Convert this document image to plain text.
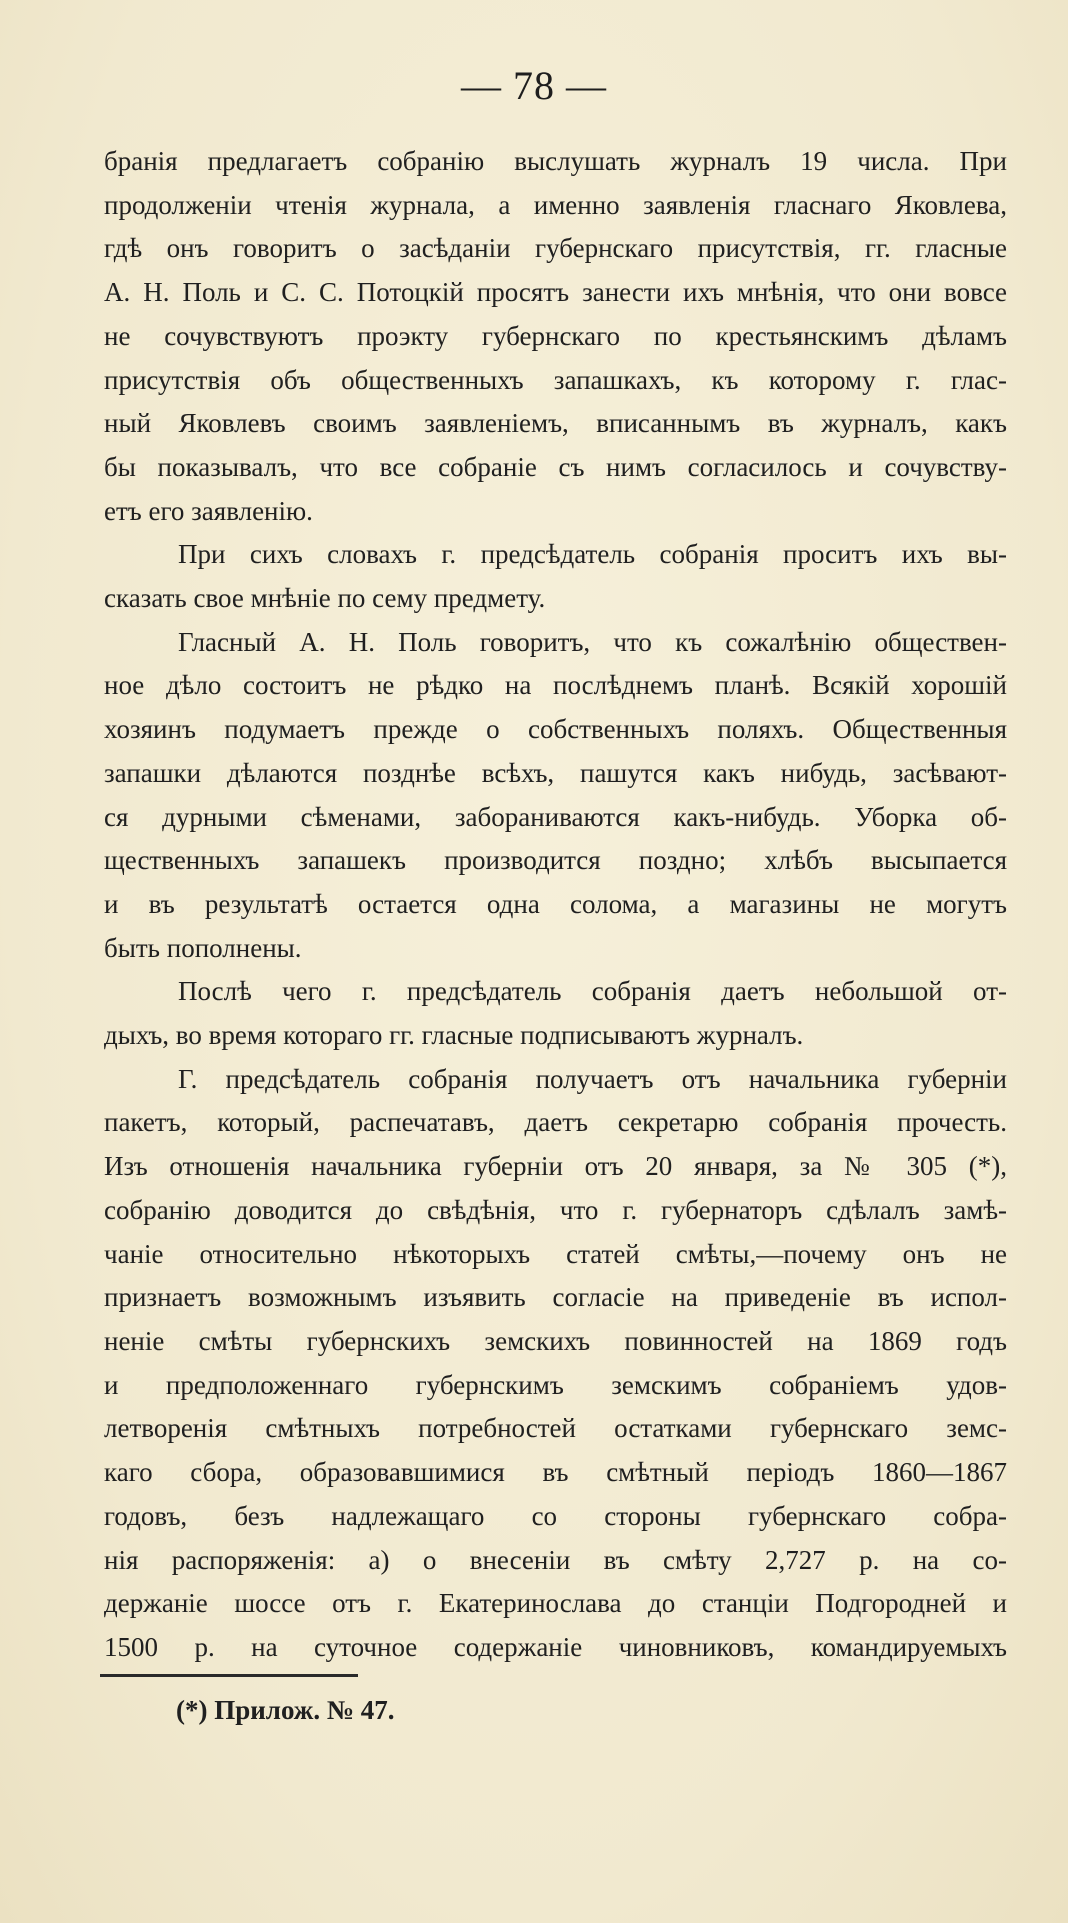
— 78 —
бранія предлагаетъ собранію выслушать журналъ 19 числа. При
продолженіи чтенія журнала, а именно заявленія гласнаго Яковлева,
гдѣ онъ говоритъ о засѣданіи губернскаго присутствія, гг. гласные
А. Н. Поль и С. С. Потоцкій просятъ занести ихъ мнѣнія, что они вовсе
не сочувствуютъ проэкту губернскаго по крестьянскимъ дѣламъ
присутствія объ общественныхъ запашкахъ, къ которому г. глас-
ный Яковлевъ своимъ заявленіемъ, вписаннымъ въ журналъ, какъ
бы показывалъ, что все собраніе съ нимъ согласилось и сочувству-
етъ его заявленію.
При сихъ словахъ г. предсѣдатель собранія проситъ ихъ вы-
сказать свое мнѣніе по сему предмету.
Гласный А. Н. Поль говоритъ, что къ сожалѣнію обществен-
ное дѣло состоитъ не рѣдко на послѣднемъ планѣ. Всякій хорошій
хозяинъ подумаетъ прежде о собственныхъ поляхъ. Общественныя
запашки дѣлаются позднѣе всѣхъ, пашутся какъ нибудь, засѣвают-
ся дурными сѣменами, забораниваются какъ-нибудь. Уборка об-
щественныхъ запашекъ производится поздно; хлѣбъ высыпается
и въ результатѣ остается одна солома, а магазины не могутъ
быть пополнены.
Послѣ чего г. предсѣдатель собранія даетъ небольшой от-
дыхъ, во время котораго гг. гласные подписываютъ журналъ.
Г. предсѣдатель собранія получаетъ отъ начальника губерніи
пакетъ, который, распечатавъ, даетъ секретарю собранія прочесть.
Изъ отношенія начальника губерніи отъ 20 января, за № 305 (*),
собранію доводится до свѣдѣнія, что г. губернаторъ сдѣлалъ замѣ-
чаніе относительно нѣкоторыхъ статей смѣты,—почему онъ не
признаетъ возможнымъ изъявить согласіе на приведеніе въ испол-
неніе смѣты губернскихъ земскихъ повинностей на 1869 годъ
и предположеннаго губернскимъ земскимъ собраніемъ удов-
летворенія смѣтныхъ потребностей остатками губернскаго земс-
каго сбора, образовавшимися въ смѣтный періодъ 1860—1867
годовъ, безъ надлежащаго со стороны губернскаго собра-
нія распоряженія: а) о внесеніи въ смѣту 2,727 р. на со-
держаніе шоссе отъ г. Екатеринослава до станціи Подгородней и
1500 р. на суточное содержаніе чиновниковъ, командируемыхъ
(*) Прилож. № 47.
